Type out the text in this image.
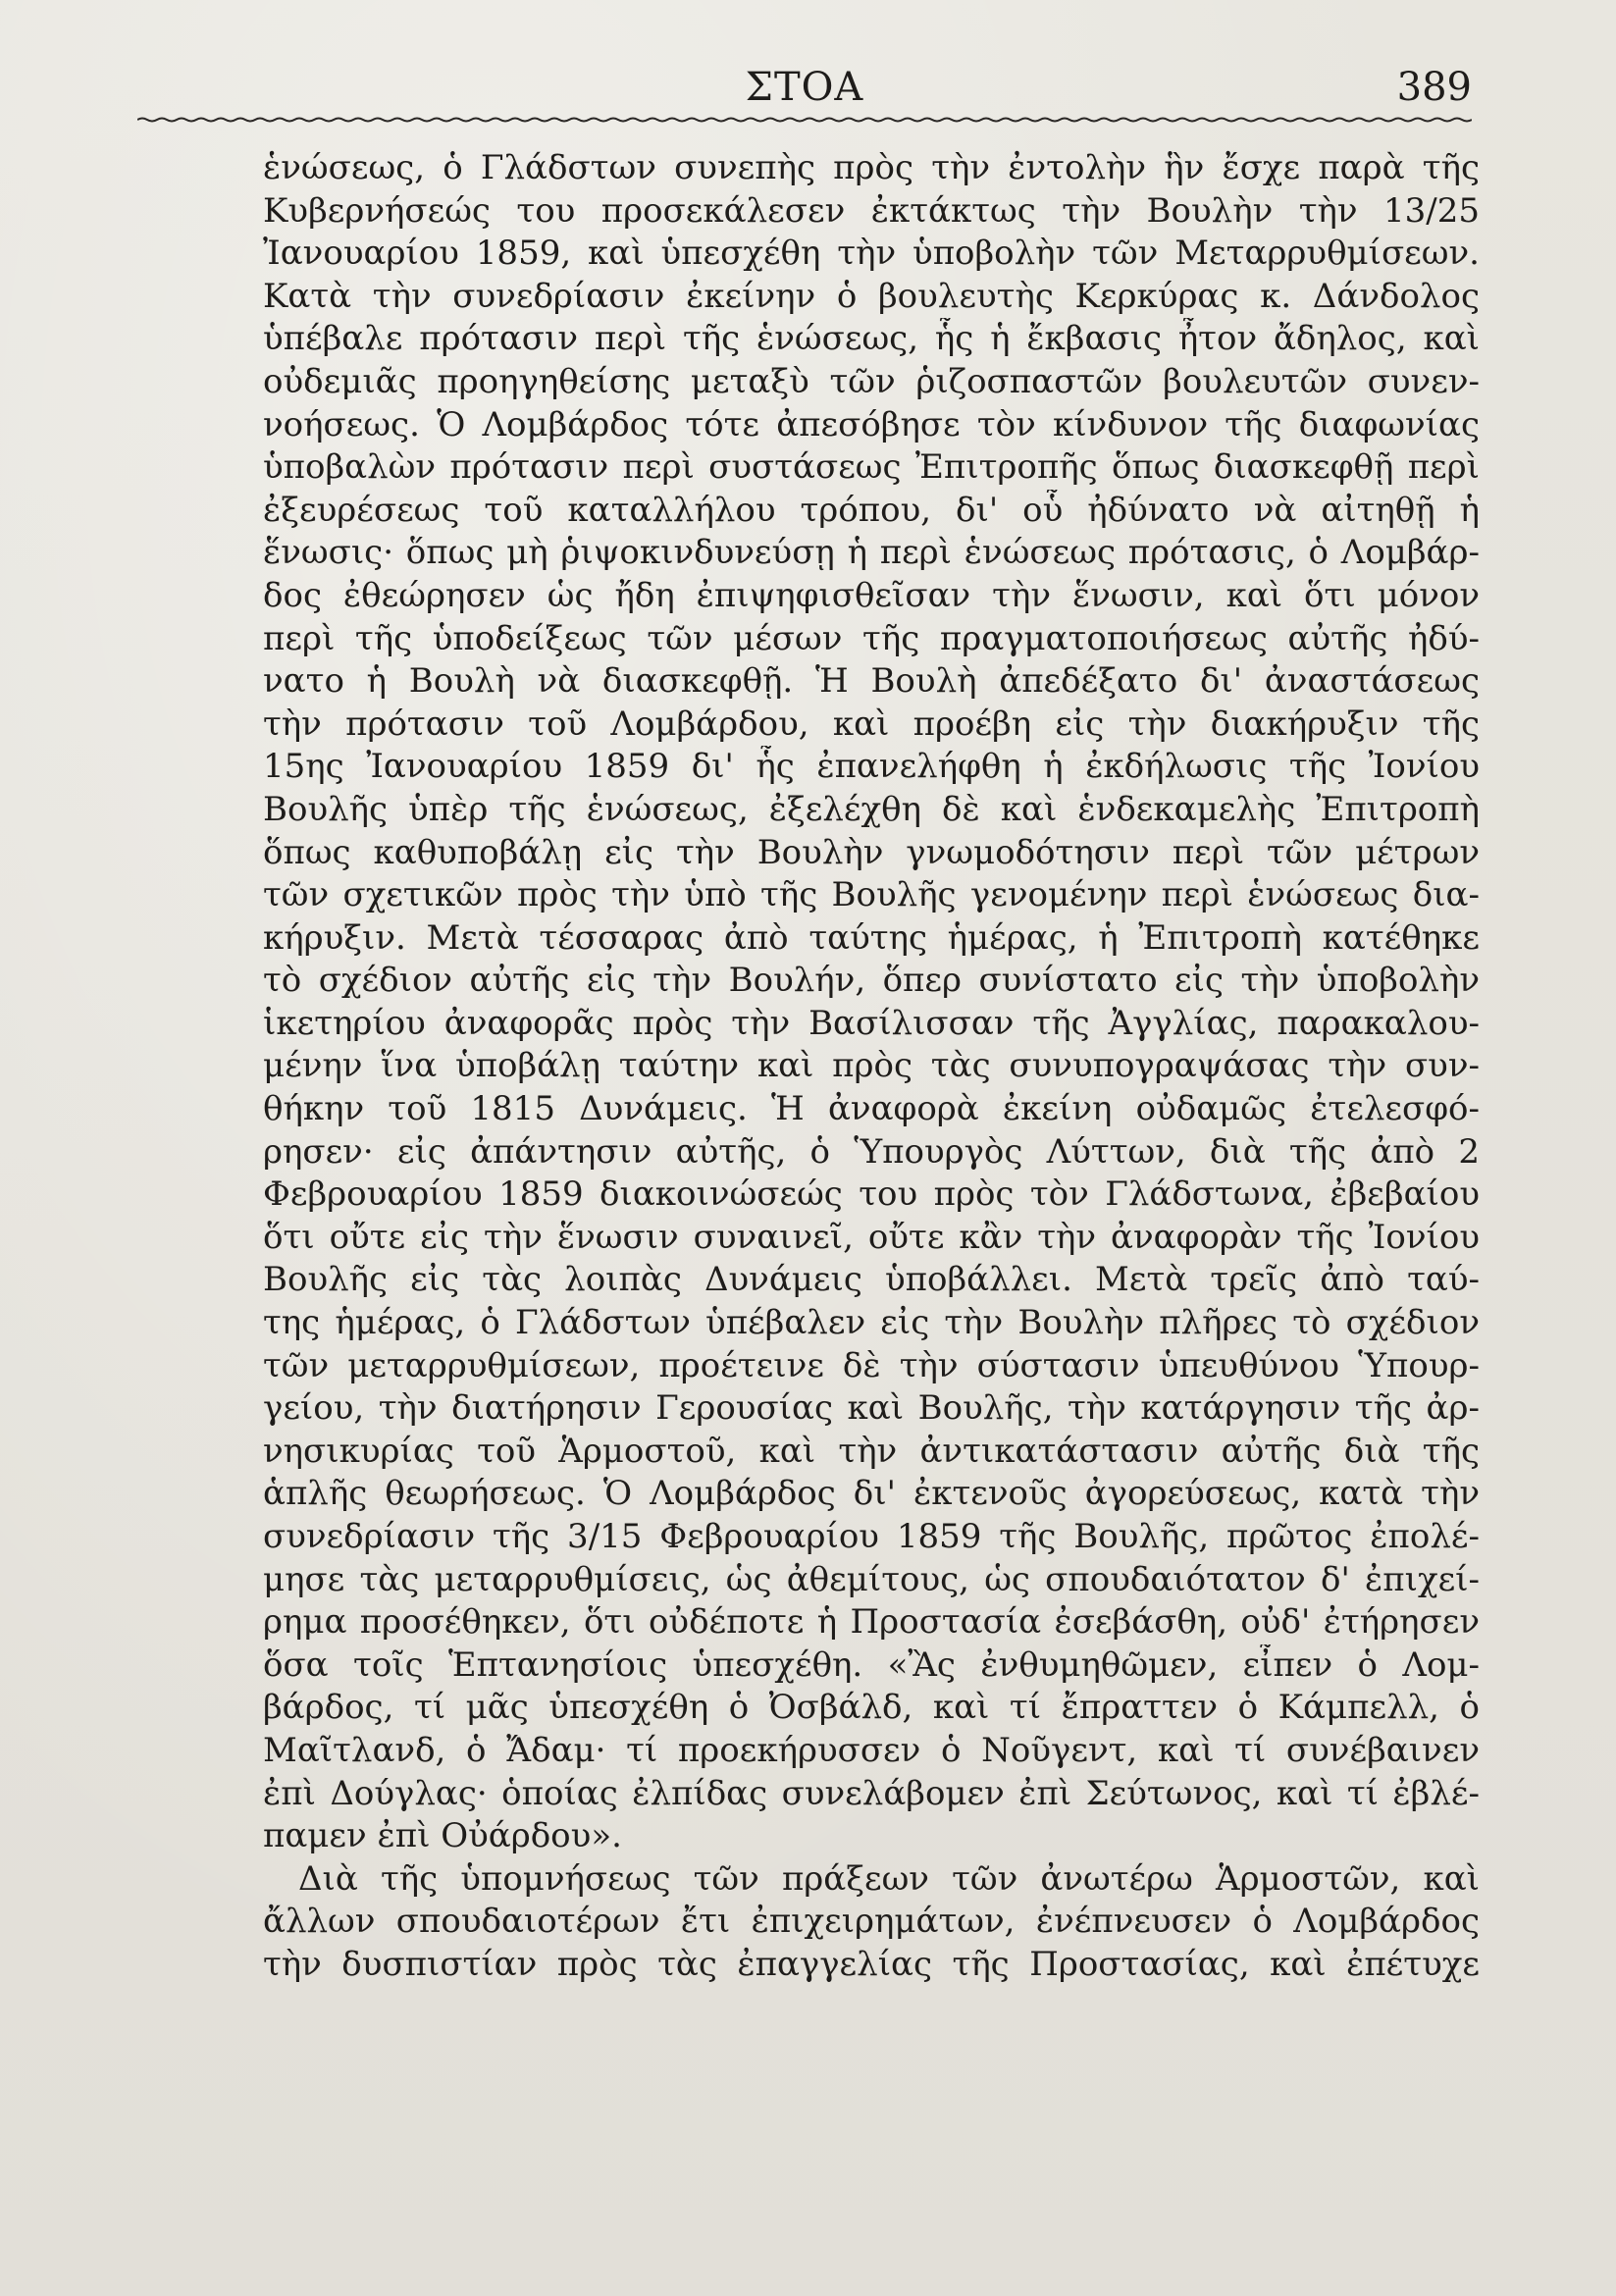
ΣΤΟΑ	389
ἑνώσεως, ὁ Γλάδστων συνεπὴς πρὸς τὴν ἐντολὴν ἣν ἔσχε παρὰ τῆς
Κυβερνήσεώς του προσεκάλεσεν ἐκτάκτως τὴν Βουλὴν τὴν 13/25
Ἰανουαρίου 1859, καὶ ὑπεσχέθη τὴν ὑποβολὴν τῶν Μεταρρυθμίσεων.
Κατὰ τὴν συνεδρίασιν ἐκείνην ὁ βουλευτὴς Κερκύρας κ. Δάνδολος
ὑπέβαλε πρότασιν περὶ τῆς ἑνώσεως, ἧς ἡ ἔκβασις ἦτον ἄδηλος, καὶ
οὐδεμιᾶς προηγηθείσης μεταξὺ τῶν ῥιζοσπαστῶν βουλευτῶν συνεν-
νοήσεως. Ὁ Λομβάρδος τότε ἀπεσόβησε τὸν κίνδυνον τῆς διαφωνίας
ὑποβαλὼν πρότασιν περὶ συστάσεως Ἐπιτροπῆς ὅπως διασκεφθῇ περὶ
ἐξευρέσεως τοῦ καταλλήλου τρόπου, δι' οὗ ἠδύνατο νὰ αἰτηθῇ ἡ
ἕνωσις· ὅπως μὴ ῥιψοκινδυνεύσῃ ἡ περὶ ἑνώσεως πρότασις, ὁ Λομβάρ-
δος ἐθεώρησεν ὡς ἤδη ἐπιψηφισθεῖσαν τὴν ἕνωσιν, καὶ ὅτι μόνον
περὶ τῆς ὑποδείξεως τῶν μέσων τῆς πραγματοποιήσεως αὐτῆς ἠδύ-
νατο ἡ Βουλὴ νὰ διασκεφθῇ. Ἡ Βουλὴ ἀπεδέξατο δι' ἀναστάσεως
τὴν πρότασιν τοῦ Λομβάρδου, καὶ προέβη εἰς τὴν διακήρυξιν τῆς
15ης Ἰανουαρίου 1859 δι' ἧς ἐπανελήφθη ἡ ἐκδήλωσις τῆς Ἰονίου
Βουλῆς ὑπὲρ τῆς ἑνώσεως, ἐξελέχθη δὲ καὶ ἑνδεκαμελὴς Ἐπιτροπὴ
ὅπως καθυποβάλῃ εἰς τὴν Βουλὴν γνωμοδότησιν περὶ τῶν μέτρων
τῶν σχετικῶν πρὸς τὴν ὑπὸ τῆς Βουλῆς γενομένην περὶ ἑνώσεως δια-
κήρυξιν. Μετὰ τέσσαρας ἀπὸ ταύτης ἡμέρας, ἡ Ἐπιτροπὴ κατέθηκε
τὸ σχέδιον αὐτῆς εἰς τὴν Βουλήν, ὅπερ συνίστατο εἰς τὴν ὑποβολὴν
ἱκετηρίου ἀναφορᾶς πρὸς τὴν Βασίλισσαν τῆς Ἀγγλίας, παρακαλου-
μένην ἵνα ὑποβάλῃ ταύτην καὶ πρὸς τὰς συνυπογραψάσας τὴν συν-
θήκην τοῦ 1815 Δυνάμεις. Ἡ ἀναφορὰ ἐκείνη οὐδαμῶς ἐτελεσφό-
ρησεν· εἰς ἀπάντησιν αὐτῆς, ὁ Ὑπουργὸς Λύττων, διὰ τῆς ἀπὸ 2
Φεβρουαρίου 1859 διακοινώσεώς του πρὸς τὸν Γλάδστωνα, ἐβεβαίου
ὅτι οὔτε εἰς τὴν ἕνωσιν συναινεῖ, οὔτε κἂν τὴν ἀναφορὰν τῆς Ἰονίου
Βουλῆς εἰς τὰς λοιπὰς Δυνάμεις ὑποβάλλει. Μετὰ τρεῖς ἀπὸ ταύ-
της ἡμέρας, ὁ Γλάδστων ὑπέβαλεν εἰς τὴν Βουλὴν πλῆρες τὸ σχέδιον
τῶν μεταρρυθμίσεων, προέτεινε δὲ τὴν σύστασιν ὑπευθύνου Ὑπουρ-
γείου, τὴν διατήρησιν Γερουσίας καὶ Βουλῆς, τὴν κατάργησιν τῆς ἀρ-
νησικυρίας τοῦ Ἁρμοστοῦ, καὶ τὴν ἀντικατάστασιν αὐτῆς διὰ τῆς
ἁπλῆς θεωρήσεως. Ὁ Λομβάρδος δι' ἐκτενοῦς ἀγορεύσεως, κατὰ τὴν
συνεδρίασιν τῆς 3/15 Φεβρουαρίου 1859 τῆς Βουλῆς, πρῶτος ἐπολέ-
μησε τὰς μεταρρυθμίσεις, ὡς ἀθεμίτους, ὡς σπουδαιότατον δ' ἐπιχεί-
ρημα προσέθηκεν, ὅτι οὐδέποτε ἡ Προστασία ἐσεβάσθη, οὐδ' ἐτήρησεν
ὅσα τοῖς Ἑπτανησίοις ὑπεσχέθη. «Ἂς ἐνθυμηθῶμεν, εἶπεν ὁ Λομ-
βάρδος, τί μᾶς ὑπεσχέθη ὁ Ὀσβάλδ, καὶ τί ἔπραττεν ὁ Κάμπελλ, ὁ
Μαῖτλανδ, ὁ Ἄδαμ· τί προεκήρυσσεν ὁ Νοῦγεντ, καὶ τί συνέβαινεν
ἐπὶ Δούγλας· ὁποίας ἐλπίδας συνελάβομεν ἐπὶ Σεύτωνος, καὶ τί ἐβλέ-
παμεν ἐπὶ Οὐάρδου».
Διὰ τῆς ὑπομνήσεως τῶν πράξεων τῶν ἀνωτέρω Ἁρμοστῶν, καὶ
ἄλλων σπουδαιοτέρων ἔτι ἐπιχειρημάτων, ἐνέπνευσεν ὁ Λομβάρδος
τὴν δυσπιστίαν πρὸς τὰς ἐπαγγελίας τῆς Προστασίας, καὶ ἐπέτυχε
